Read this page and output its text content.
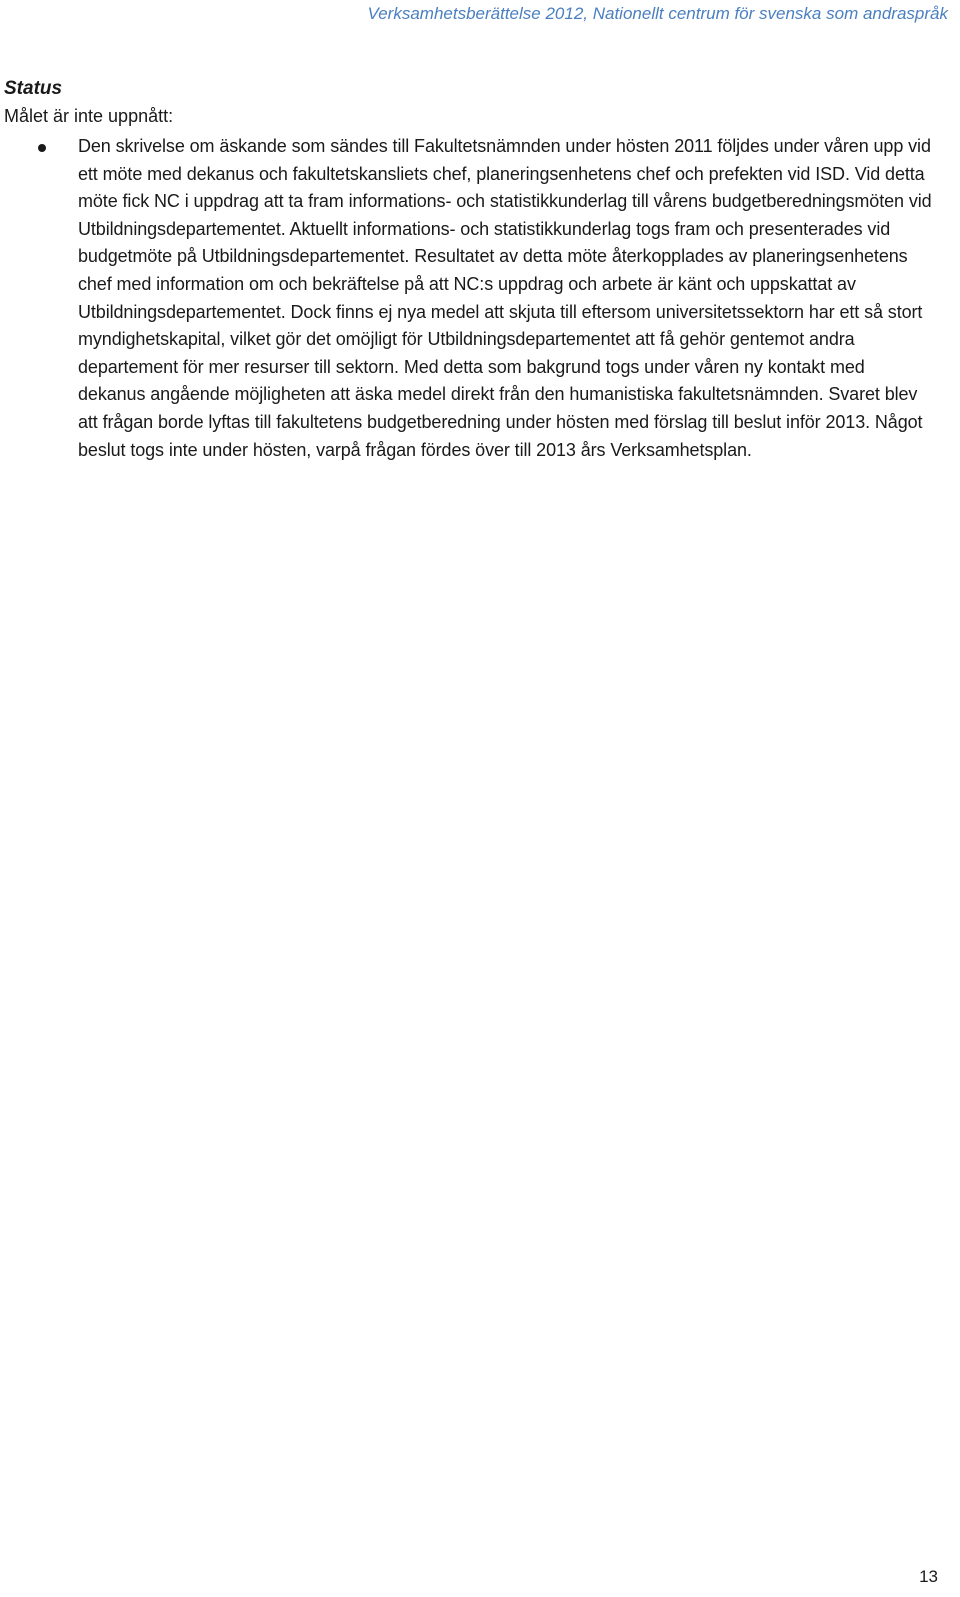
Verksamhetsberättelse 2012, Nationellt centrum för svenska som andraspråk
Status
Målet är inte uppnått:
Den skrivelse om äskande som sändes till Fakultetsnämnden under hösten 2011 följdes under våren upp vid ett möte med dekanus och fakultetskansliets chef, planeringsenhetens chef och prefekten vid ISD. Vid detta möte fick NC i uppdrag att ta fram informations- och statistikkunderlag till vårens budgetberedningsmöten vid Utbildningsdepartementet. Aktuellt informations- och statistikkunderlag togs fram och presenterades vid budgetmöte på Utbildningsdepartementet. Resultatet av detta möte återkopplades av planeringsenhetens chef med information om och bekräftelse på att NC:s uppdrag och arbete är känt och uppskattat av Utbildningsdepartementet. Dock finns ej nya medel att skjuta till eftersom universitetssektorn har ett så stort myndighetskapital, vilket gör det omöjligt för Utbildningsdepartementet att få gehör gentemot andra departement för mer resurser till sektorn. Med detta som bakgrund togs under våren ny kontakt med dekanus angående möjligheten att äska medel direkt från den humanistiska fakultetsnämnden. Svaret blev att frågan borde lyftas till fakultetens budgetberedning under hösten med förslag till beslut inför 2013. Något beslut togs inte under hösten, varpå frågan fördes över till 2013 års Verksamhetsplan.
13
